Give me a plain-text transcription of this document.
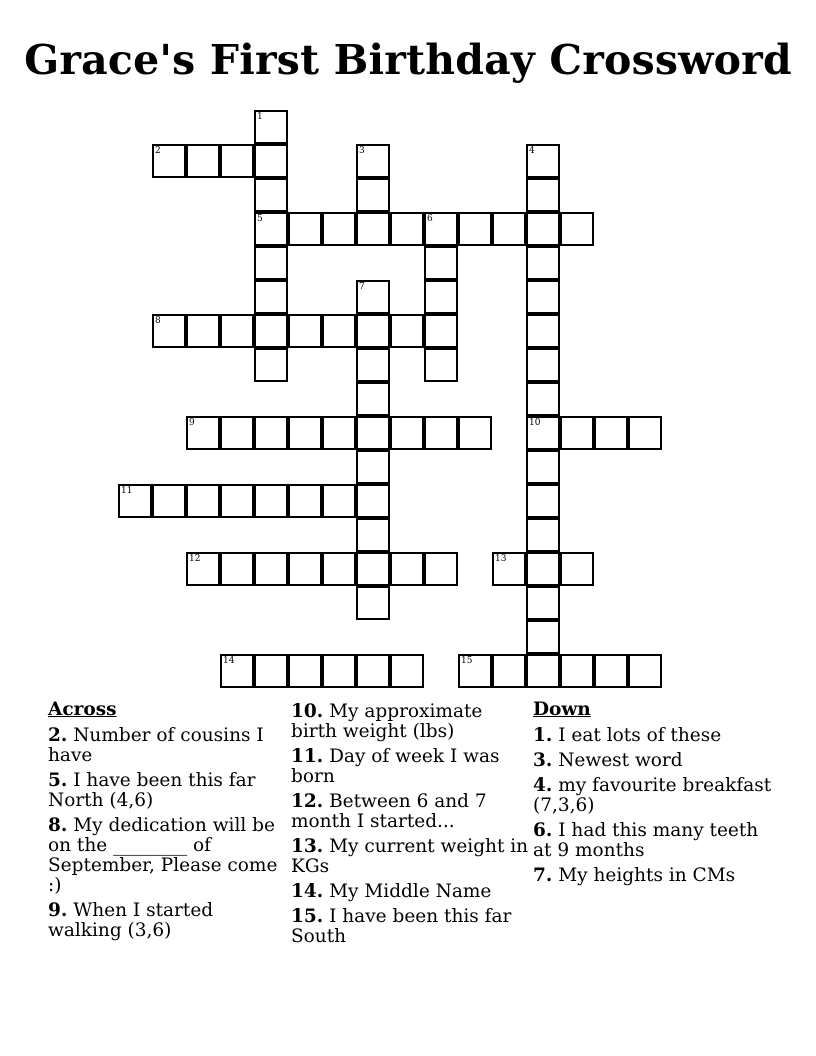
Grace's First Birthday Crossword
1
2	3	4
5	6
7
8
9	10
11
12	13
14	15
Across
2. Number of cousins I have
5. I have been this far North (4,6)
8. My dedication will be on the ________ of September, Please come :)
9. When I started walking (3,6)
10. My approximate birth weight (lbs)
11. Day of week I was born
12. Between 6 and 7 month I started...
13. My current weight in KGs
14. My Middle Name
15. I have been this far South
Down
1. I eat lots of these
3. Newest word
4. my favourite breakfast (7,3,6)
6. I had this many teeth at 9 months
7. My heights in CMs
